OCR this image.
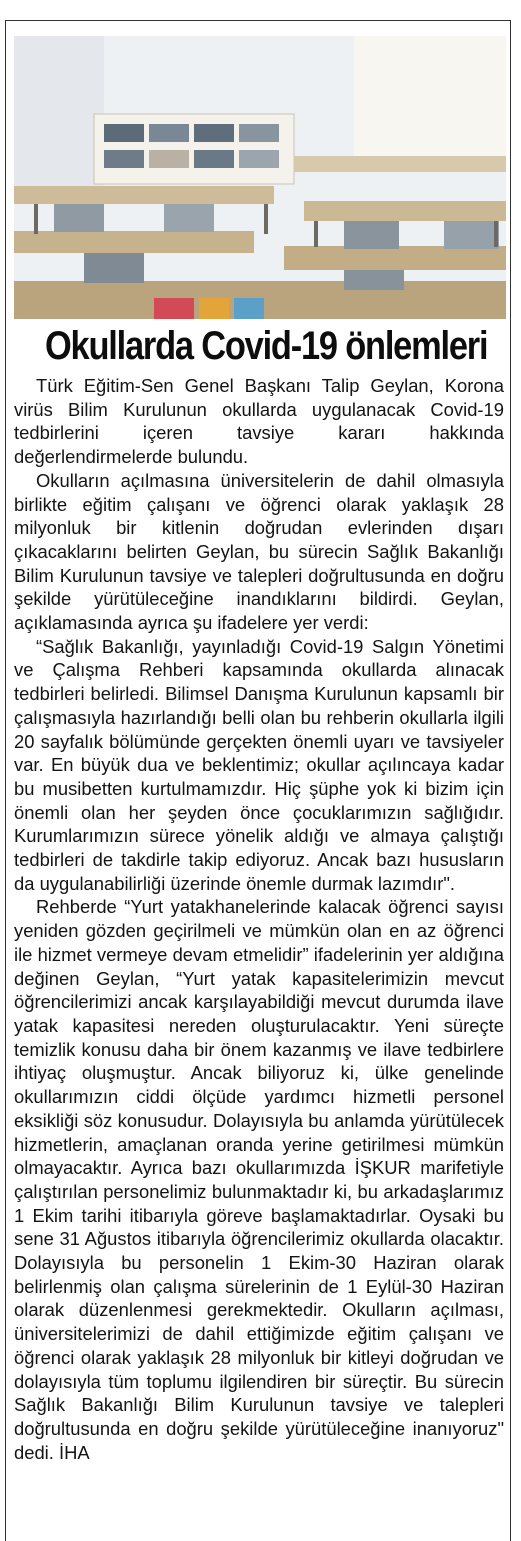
Okullarda Covid-19 önlemleri

Türk Eğitim-Sen Genel Başkanı Talip Geylan, Korona virüs Bilim Kurulunun okullarda uygulanacak Covid-19 tedbirlerini içeren tavsiye kararı hakkında değerlendirmelerde bulundu.

Okulların açılmasına üniversitelerin de dahil olmasıyla birlikte eğitim çalışanı ve öğrenci olarak yaklaşık 28 milyonluk bir kitlenin doğrudan evlerinden dışarı çıkacaklarını belirten Geylan, bu sürecin Sağlık Bakanlığı Bilim Kurulunun tavsiye ve talepleri doğrultusunda en doğru şekilde yürütüleceğine inandıklarını bildirdi. Geylan, açıklamasında ayrıca şu ifadelere yer verdi:

“Sağlık Bakanlığı, yayınladığı Covid-19 Salgın Yönetimi ve Çalışma Rehberi kapsamında okullarda alınacak tedbirleri belirledi. Bilimsel Danışma Kurulunun kapsamlı bir çalışmasıyla hazırlandığı belli olan bu rehberin okullarla ilgili 20 sayfalık bölümünde gerçekten önemli uyarı ve tavsiyeler var. En büyük dua ve beklentimiz; okullar açılıncaya kadar bu musibetten kurtulmamızdır. Hiç şüphe yok ki bizim için önemli olan her şeyden önce çocuklarımızın sağlığıdır. Kurumlarımızın sürece yönelik aldığı ve almaya çalıştığı tedbirleri de takdirle takip ediyoruz. Ancak bazı hususların da uygulanabilirliği üzerinde önemle durmak lazımdır".

Rehberde “Yurt yatakhanelerinde kalacak öğrenci sayısı yeniden gözden geçirilmeli ve mümkün olan en az öğrenci ile hizmet vermeye devam etmelidir” ifadelerinin yer aldığına değinen Geylan, “Yurt yatak kapasitelerimizin mevcut öğrencilerimizi ancak karşılayabildiği mevcut durumda ilave yatak kapasitesi nereden oluşturulacaktır. Yeni süreçte temizlik konusu daha bir önem kazanmış ve ilave tedbirlere ihtiyaç oluşmuştur. Ancak biliyoruz ki, ülke genelinde okullarımızın ciddi ölçüde yardımcı hizmetli personel eksikliği söz konusudur. Dolayısıyla bu anlamda yürütülecek hizmetlerin, amaçlanan oranda yerine getirilmesi mümkün olmayacaktır. Ayrıca bazı okullarımızda İŞKUR marifetiyle çalıştırılan personelimiz bulunmaktadır ki, bu arkadaşlarımız 1 Ekim tarihi itibarıyla göreve başlamaktadırlar. Oysaki bu sene 31 Ağustos itibarıyla öğrencilerimiz okullarda olacaktır. Dolayısıyla bu personelin 1 Ekim-30 Haziran olarak belirlenmiş olan çalışma sürelerinin de 1 Eylül-30 Haziran olarak düzenlenmesi gerekmektedir. Okulların açılması, üniversitelerimizi de dahil ettiğimizde eğitim çalışanı ve öğrenci olarak yaklaşık 28 milyonluk bir kitleyi doğrudan ve dolayısıyla tüm toplumu ilgilendiren bir süreçtir. Bu sürecin Sağlık Bakanlığı Bilim Kurulunun tavsiye ve talepleri doğrultusunda en doğru şekilde yürütüleceğine inanıyoruz" dedi. İHA
